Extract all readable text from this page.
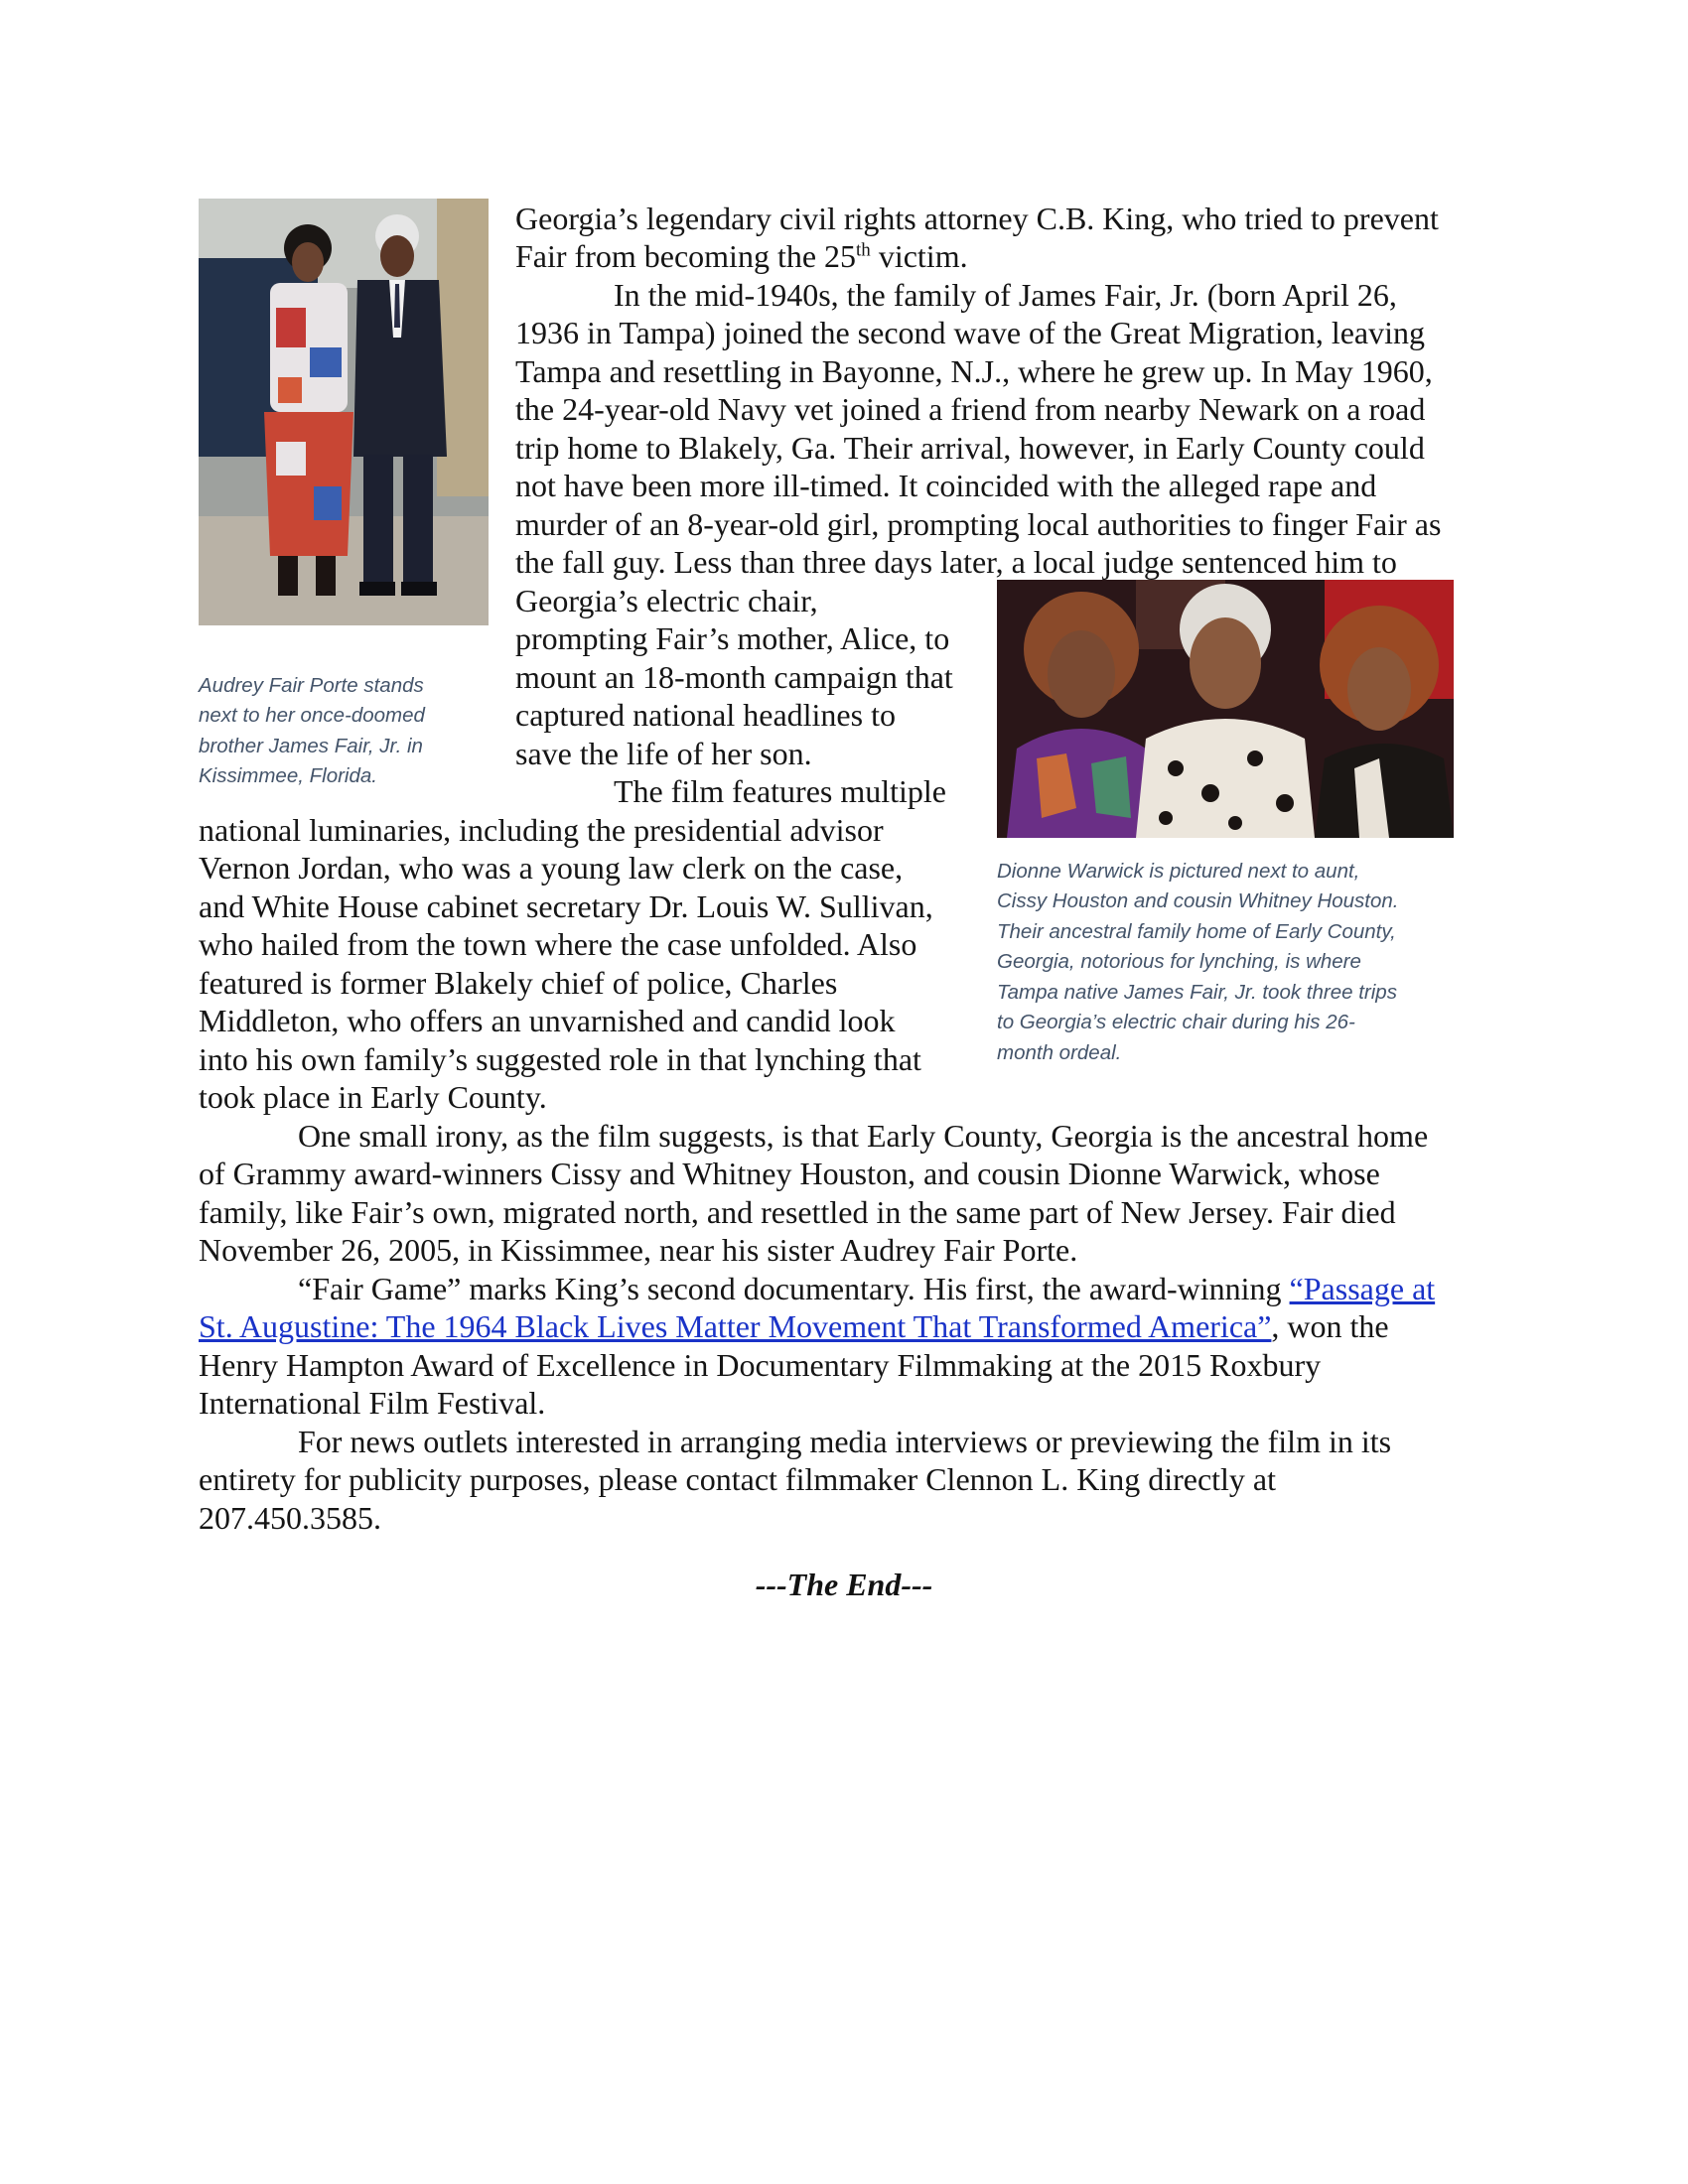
Audrey Fair Porte stands
next to her once-doomed
brother James Fair, Jr. in
Kissimmee, Florida.
Dionne Warwick is pictured next to aunt,
Cissy Houston and cousin Whitney Houston.
Their ancestral family home of Early County,
Georgia, notorious for lynching, is where
Tampa native James Fair, Jr. took three trips
to Georgia’s electric chair during his 26-
month ordeal.
Georgia’s legendary civil rights attorney C.B. King, who tried to prevent
Fair from becoming the 25th victim.
In the mid-1940s, the family of James Fair, Jr. (born April 26,
1936 in Tampa) joined the second wave of the Great Migration, leaving
Tampa and resettling in Bayonne, N.J., where he grew up. In May 1960,
the 24-year-old Navy vet joined a friend from nearby Newark on a road
trip home to Blakely, Ga. Their arrival, however, in Early County could
not have been more ill-timed. It coincided with the alleged rape and
murder of an 8-year-old girl, prompting local authorities to finger Fair as
the fall guy. Less than three days later, a local judge sentenced him to
Georgia’s electric chair,
prompting Fair’s mother, Alice, to
mount an 18-month campaign that
captured national headlines to
save the life of her son.
The film features multiple
national luminaries, including the presidential advisor
Vernon Jordan, who was a young law clerk on the case,
and White House cabinet secretary Dr. Louis W. Sullivan,
who hailed from the town where the case unfolded. Also
featured is former Blakely chief of police, Charles
Middleton, who offers an unvarnished and candid look
into his own family’s suggested role in that lynching that
took place in Early County.
One small irony, as the film suggests, is that Early County, Georgia is the ancestral home
of Grammy award-winners Cissy and Whitney Houston, and cousin Dionne Warwick, whose
family, like Fair’s own, migrated north, and resettled in the same part of New Jersey. Fair died
November 26, 2005, in Kissimmee, near his sister Audrey Fair Porte.
“Fair Game” marks King’s second documentary. His first, the award-winning “Passage at
St. Augustine: The 1964 Black Lives Matter Movement That Transformed America”, won the
Henry Hampton Award of Excellence in Documentary Filmmaking at the 2015 Roxbury
International Film Festival.
For news outlets interested in arranging media interviews or previewing the film in its
entirety for publicity purposes, please contact filmmaker Clennon L. King directly at
207.450.3585.
---The End---
